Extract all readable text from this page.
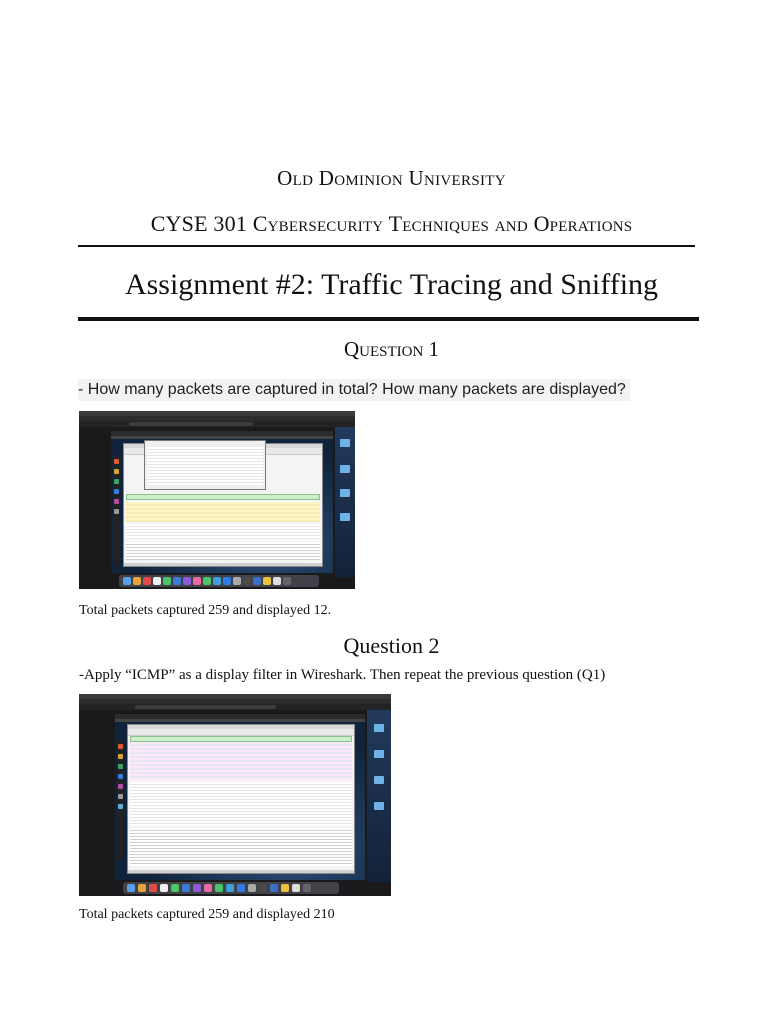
Old Dominion University
CYSE 301 Cybersecurity Techniques and Operations
Assignment #2: Traffic Tracing and Sniffing
Question 1
- How many packets are captured in total? How many packets are displayed?
Total packets captured 259 and displayed 12.
Question 2
-Apply “ICMP” as a display filter in Wireshark. Then repeat the previous question (Q1)
Total packets captured 259 and displayed 210
